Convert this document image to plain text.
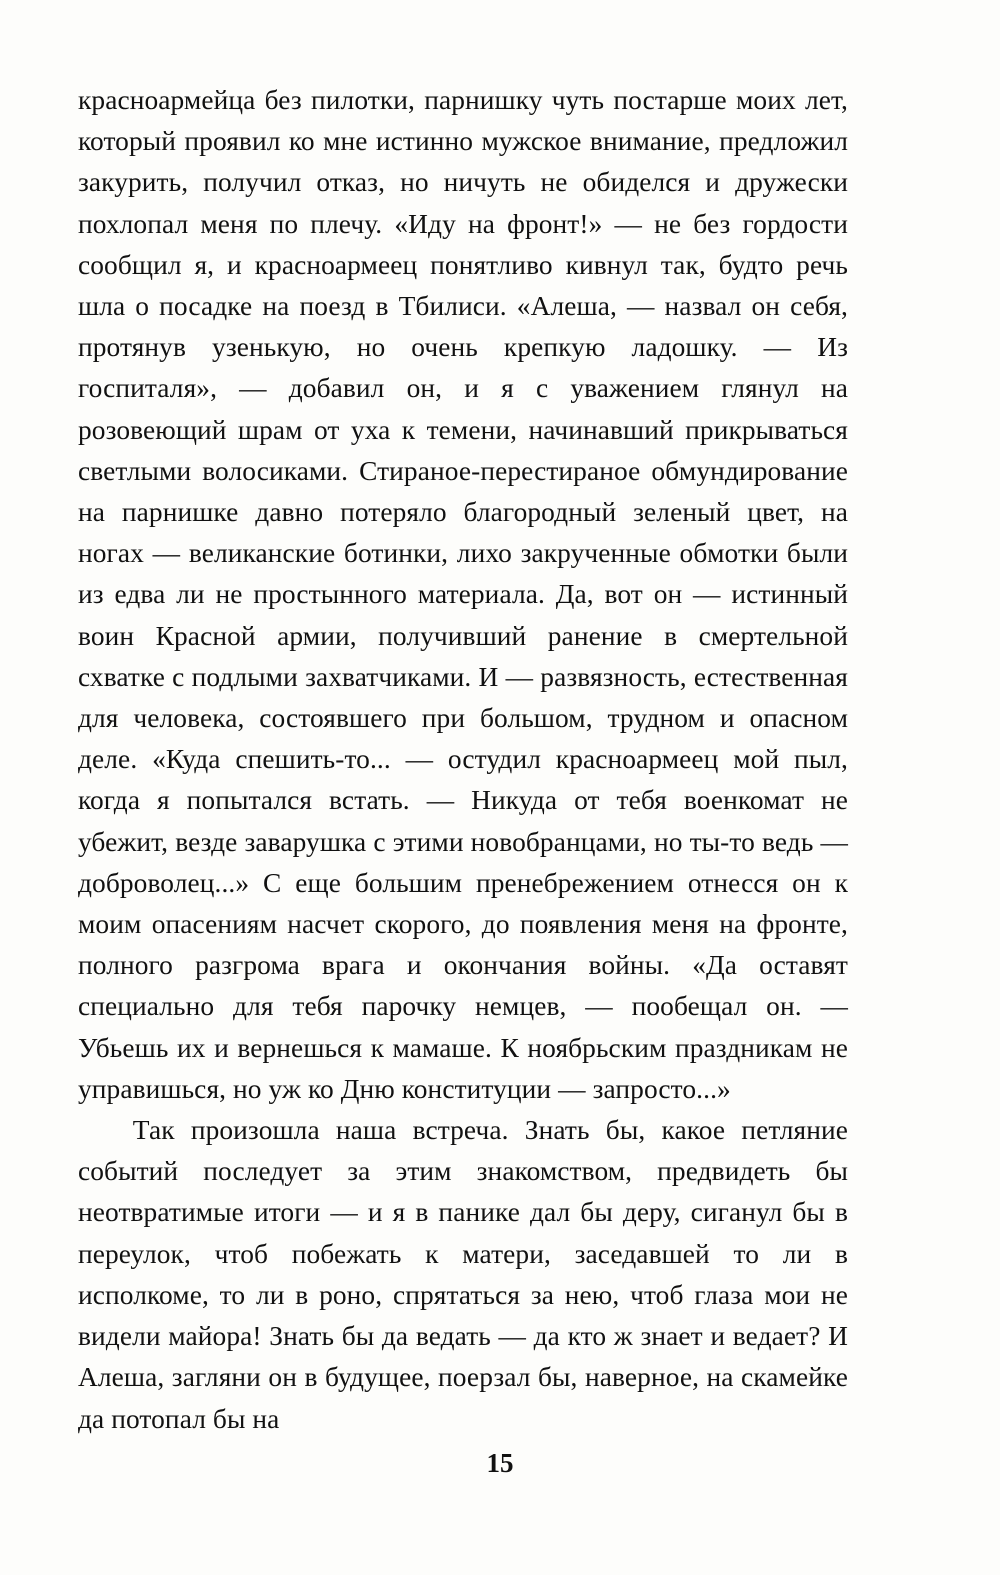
красноармейца без пилотки, парнишку чуть постарше моих лет, который проявил ко мне истинно мужское внимание, предложил закурить, получил отказ, но ничуть не обиделся и дружески похлопал меня по плечу. «Иду на фронт!» — не без гордости сообщил я, и красноармеец понятливо кивнул так, будто речь шла о посадке на поезд в Тбилиси. «Алеша, — назвал он себя, протянув узенькую, но очень крепкую ладошку. — Из госпиталя», — добавил он, и я с уважением глянул на розовеющий шрам от уха к темени, начинавший прикрываться светлыми волосиками. Стираное-перестираное обмундирование на парнишке давно потеряло благородный зеленый цвет, на ногах — великанские ботинки, лихо закрученные обмотки были из едва ли не простынного материала. Да, вот он — истинный воин Красной армии, получивший ранение в смертельной схватке с подлыми захватчиками. И — развязность, естественная для человека, состоявшего при большом, трудном и опасном деле. «Куда спешить-то... — остудил красноармеец мой пыл, когда я попытался встать. — Никуда от тебя военкомат не убежит, везде заварушка с этими новобранцами, но ты-то ведь — доброволец...» С еще большим пренебрежением отнесся он к моим опасениям насчет скорого, до появления меня на фронте, полного разгрома врага и окончания войны. «Да оставят специально для тебя парочку немцев, — пообещал он. — Убьешь их и вернешься к мамаше. К ноябрьским праздникам не управишься, но уж ко Дню конституции — запросто...»

Так произошла наша встреча. Знать бы, какое петляние событий последует за этим знакомством, предвидеть бы неотвратимые итоги — и я в панике дал бы деру, сиганул бы в переулок, чтоб побежать к матери, заседавшей то ли в исполкоме, то ли в роно, спрятаться за нею, чтоб глаза мои не видели майора! Знать бы да ведать — да кто ж знает и ведает? И Алеша, загляни он в будущее, поерзал бы, наверное, на скамейке да потопал бы на

15
